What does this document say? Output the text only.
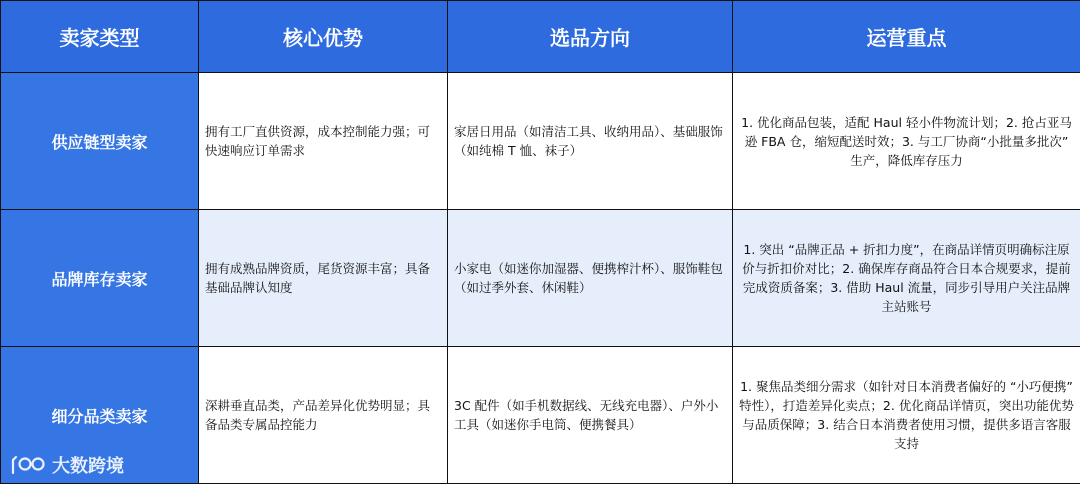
卖家类型	核心优势	选品方向	运营重点
供应链型卖家	拥有工厂直供资源，成本控制能力强；可快速响应订单需求	家居日用品（如清洁工具、收纳用品）、基础服饰（如纯棉 T 恤、袜子）	1. 优化商品包装，适配 Haul 轻小件物流计划；2. 抢占亚马逊 FBA 仓，缩短配送时效；3. 与工厂协商“小批量多批次” 生产，降低库存压力
品牌库存卖家	拥有成熟品牌资质，尾货资源丰富；具备基础品牌认知度	小家电（如迷你加湿器、便携榨汁杯）、服饰鞋包（如过季外套、休闲鞋）	1. 突出 “品牌正品 + 折扣力度”，在商品详情页明确标注原价与折扣价对比；2. 确保库存商品符合日本合规要求，提前完成资质备案；3. 借助 Haul 流量，同步引导用户关注品牌主站账号
细分品类卖家	深耕垂直品类，产品差异化优势明显；具备品类专属品控能力	3C 配件（如手机数据线、无线充电器）、户外小工具（如迷你手电筒、便携餐具）	1. 聚焦品类细分需求（如针对日本消费者偏好的 “小巧便携” 特性），打造差异化卖点；2. 优化商品详情页，突出功能优势与品质保障；3. 结合日本消费者使用习惯，提供多语言客服支持
大数跨境
